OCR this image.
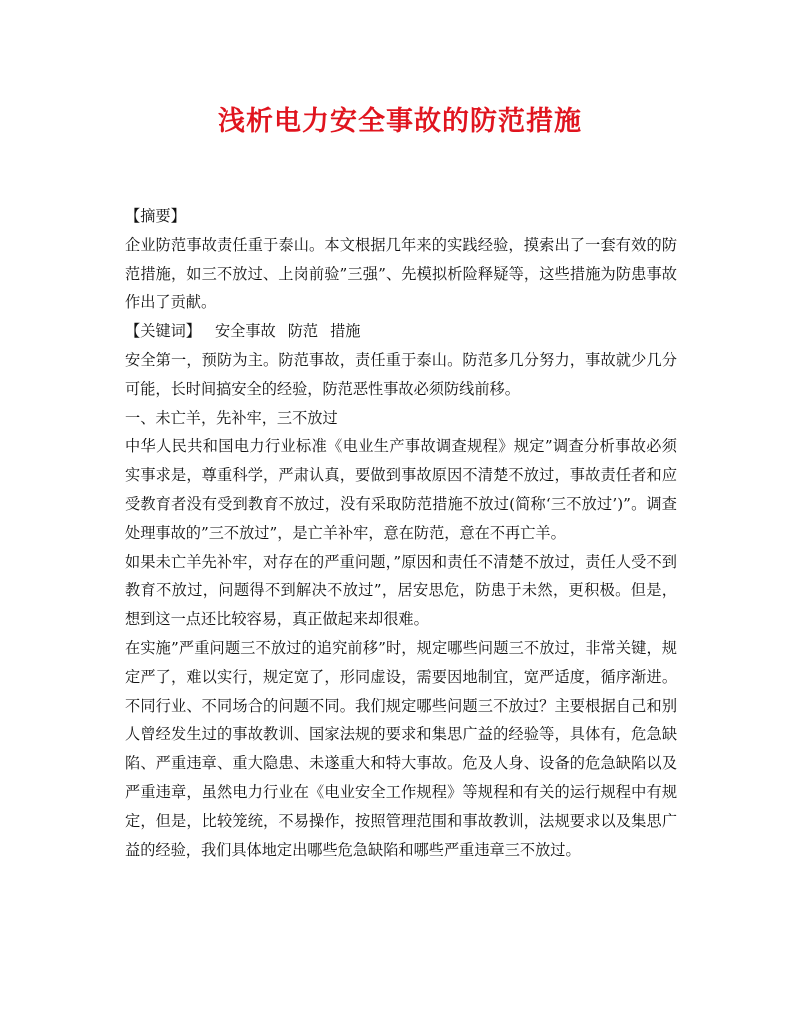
浅析电力安全事故的防范措施

【摘要】

企业防范事故责任重于泰山。本文根据几年来的实践经验，摸索出了一套有效的防范措施，如三不放过、上岗前验”三强”、先模拟析险释疑等，这些措施为防患事故作出了贡献。

【关键词】 安全事故 防范 措施

安全第一，预防为主。防范事故，责任重于泰山。防范多几分努力，事故就少几分可能，长时间搞安全的经验，防范恶性事故必须防线前移。

一、未亡羊，先补牢，三不放过

中华人民共和国电力行业标准《电业生产事故调查规程》规定”调查分析事故必须实事求是，尊重科学，严肃认真，要做到事故原因不清楚不放过，事故责任者和应受教育者没有受到教育不放过，没有采取防范措施不放过(简称‘三不放过’)”。调查处理事故的”三不放过”，是亡羊补牢，意在防范，意在不再亡羊。

如果未亡羊先补牢，对存在的严重问题，”原因和责任不清楚不放过，责任人受不到教育不放过，问题得不到解决不放过”，居安思危，防患于未然，更积极。但是，想到这一点还比较容易，真正做起来却很难。

在实施”严重问题三不放过的追究前移”时，规定哪些问题三不放过，非常关键，规定严了，难以实行，规定宽了，形同虚设，需要因地制宜，宽严适度，循序渐进。不同行业、不同场合的问题不同。我们规定哪些问题三不放过？主要根据自己和别人曾经发生过的事故教训、国家法规的要求和集思广益的经验等，具体有，危急缺陷、严重违章、重大隐患、未遂重大和特大事故。危及人身、设备的危急缺陷以及严重违章，虽然电力行业在《电业安全工作规程》等规程和有关的运行规程中有规定，但是，比较笼统，不易操作，按照管理范围和事故教训，法规要求以及集思广益的经验，我们具体地定出哪些危急缺陷和哪些严重违章三不放过。
